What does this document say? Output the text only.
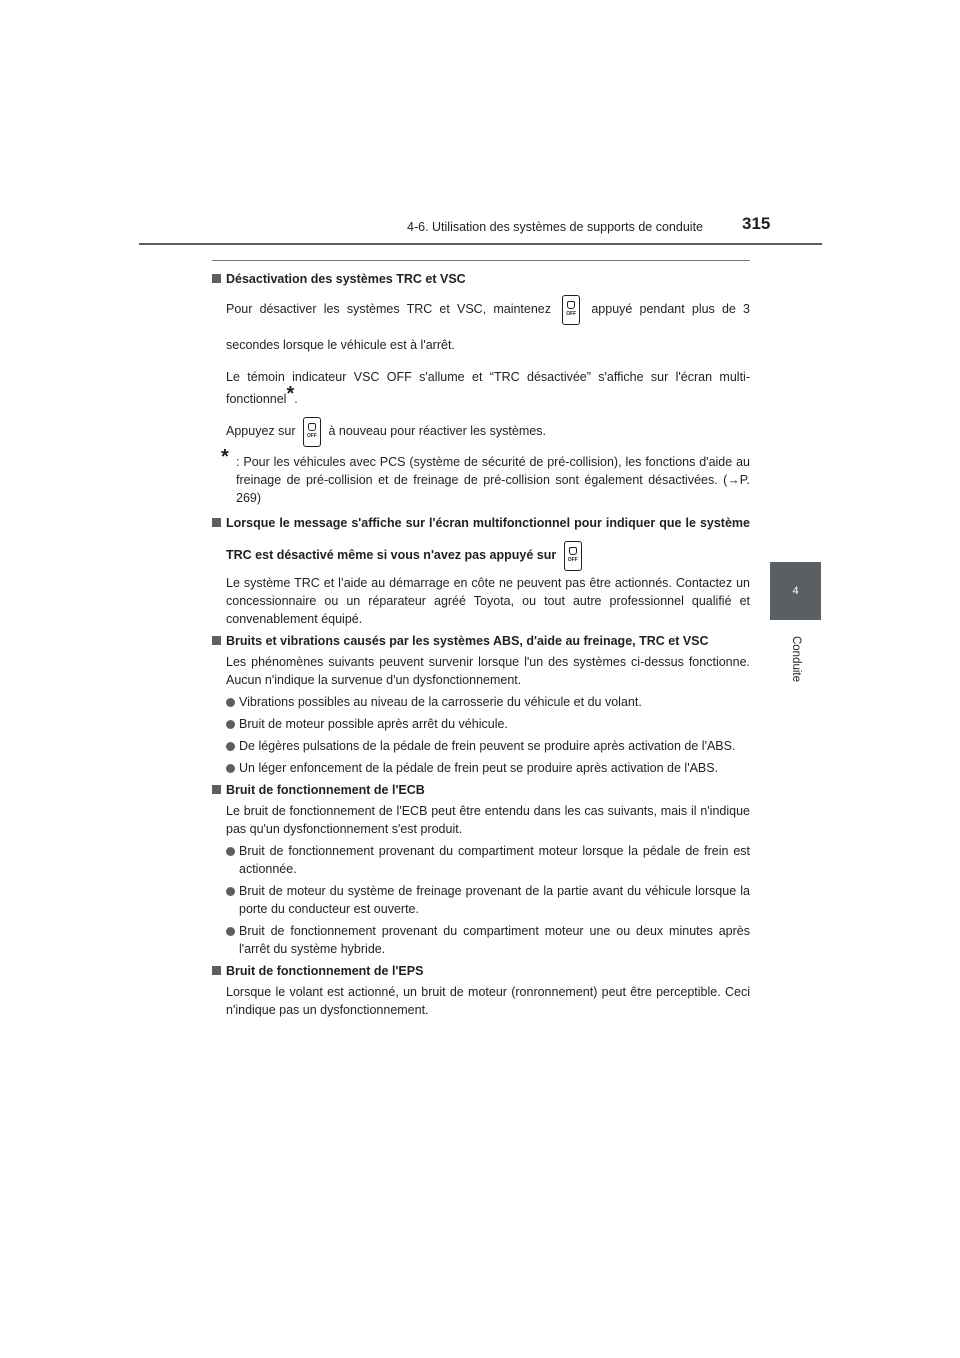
4-6. Utilisation des systèmes de supports de conduite 315
4
Conduite
Désactivation des systèmes TRC et VSC
Pour désactiver les systèmes TRC et VSC, maintenez	OFF appuyé pendant plus de 3 secondes lorsque le véhicule est à l'arrêt.
Le témoin indicateur VSC OFF s'allume et “TRC désactivée” s'affiche sur l'écran multi-fonctionnel*.
Appuyez sur	OFF à nouveau pour réactiver les systèmes.
* : Pour les véhicules avec PCS (système de sécurité de pré-collision), les fonctions d'aide au freinage de pré-collision et de freinage de pré-collision sont également désactivées. (→P. 269)
Lorsque le message s'affiche sur l'écran multifonctionnel pour indiquer que le système TRC est désactivé même si vous n'avez pas appuyé sur	OFF
Le système TRC et l’aide au démarrage en côte ne peuvent pas être actionnés. Contactez un concessionnaire ou un réparateur agréé Toyota, ou tout autre professionnel qualifié et convenablement équipé.
Bruits et vibrations causés par les systèmes ABS, d'aide au freinage, TRC et VSC
Les phénomènes suivants peuvent survenir lorsque l'un des systèmes ci-dessus fonctionne. Aucun n'indique la survenue d'un dysfonctionnement.
Vibrations possibles au niveau de la carrosserie du véhicule et du volant.
Bruit de moteur possible après arrêt du véhicule.
De légères pulsations de la pédale de frein peuvent se produire après activation de l'ABS.
Un léger enfoncement de la pédale de frein peut se produire après activation de l'ABS.
Bruit de fonctionnement de l'ECB
Le bruit de fonctionnement de l'ECB peut être entendu dans les cas suivants, mais il n'indique pas qu'un dysfonctionnement s'est produit.
Bruit de fonctionnement provenant du compartiment moteur lorsque la pédale de frein est actionnée.
Bruit de moteur du système de freinage provenant de la partie avant du véhicule lorsque la porte du conducteur est ouverte.
Bruit de fonctionnement provenant du compartiment moteur une ou deux minutes après l'arrêt du système hybride.
Bruit de fonctionnement de l'EPS
Lorsque le volant est actionné, un bruit de moteur (ronronnement) peut être perceptible. Ceci n'indique pas un dysfonctionnement.
